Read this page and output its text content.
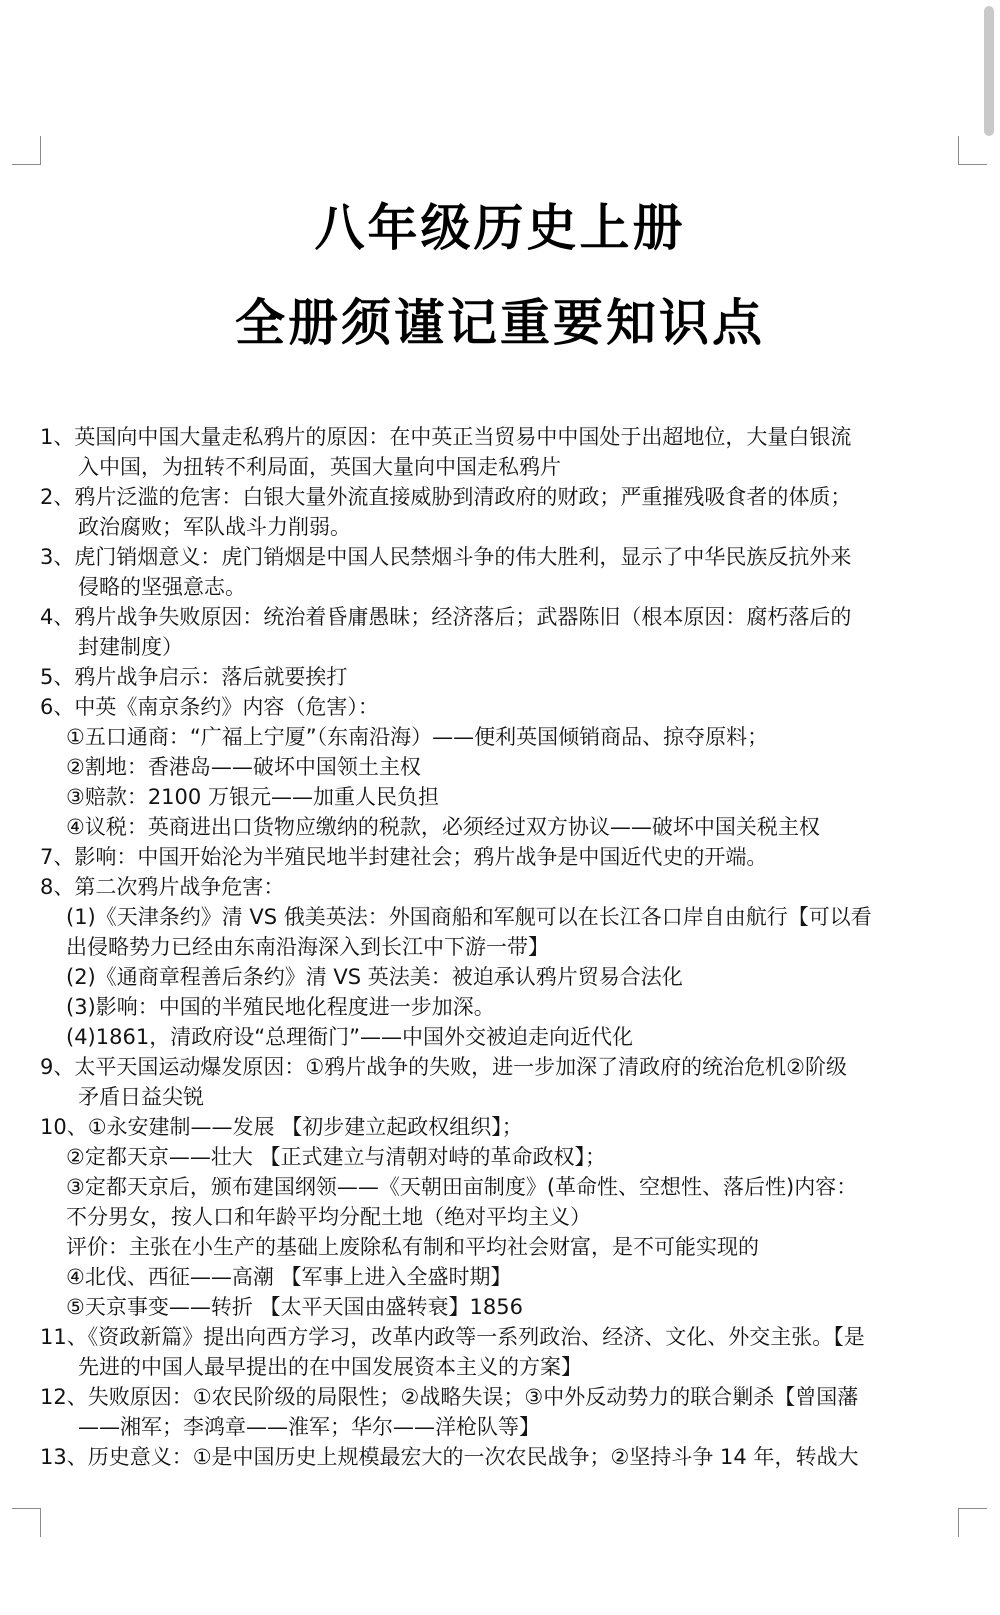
八年级历史上册
全册须谨记重要知识点
1、英国向中国大量走私鸦片的原因：在中英正当贸易中中国处于出超地位，大量白银流
入中国，为扭转不利局面，英国大量向中国走私鸦片
2、鸦片泛滥的危害：白银大量外流直接威胁到清政府的财政；严重摧残吸食者的体质；
政治腐败；军队战斗力削弱。
3、虎门销烟意义：虎门销烟是中国人民禁烟斗争的伟大胜利，显示了中华民族反抗外来
侵略的坚强意志。
4、鸦片战争失败原因：统治着昏庸愚昧；经济落后；武器陈旧（根本原因：腐朽落后的
封建制度）
5、鸦片战争启示：落后就要挨打
6、中英《南京条约》内容（危害）：
①五口通商：“广福上宁厦”（东南沿海）——便利英国倾销商品、掠夺原料；
②割地：香港岛——破坏中国领土主权
③赔款：2100 万银元——加重人民负担
④议税：英商进出口货物应缴纳的税款，必须经过双方协议——破坏中国关税主权
7、影响：中国开始沦为半殖民地半封建社会；鸦片战争是中国近代史的开端。
8、第二次鸦片战争危害：
(1)《天津条约》清 VS 俄美英法：外国商船和军舰可以在长江各口岸自由航行【可以看
出侵略势力已经由东南沿海深入到长江中下游一带】
(2)《通商章程善后条约》清 VS 英法美：被迫承认鸦片贸易合法化
(3)影响：中国的半殖民地化程度进一步加深。
(4)1861，清政府设“总理衙门”——中国外交被迫走向近代化
9、太平天国运动爆发原因：①鸦片战争的失败，进一步加深了清政府的统治危机②阶级
矛盾日益尖锐
10、①永安建制——发展 【初步建立起政权组织】；
②定都天京——壮大 【正式建立与清朝对峙的革命政权】；
③定都天京后，颁布建国纲领——《天朝田亩制度》(革命性、空想性、落后性)内容：
不分男女，按人口和年龄平均分配土地（绝对平均主义）
评价：主张在小生产的基础上废除私有制和平均社会财富，是不可能实现的
④北伐、西征——高潮 【军事上进入全盛时期】
⑤天京事变——转折 【太平天国由盛转衰】1856
11、《资政新篇》提出向西方学习，改革内政等一系列政治、经济、文化、外交主张。【是
先进的中国人最早提出的在中国发展资本主义的方案】
12、失败原因：①农民阶级的局限性；②战略失误；③中外反动势力的联合剿杀【曾国藩
——湘军；李鸿章——淮军；华尔——洋枪队等】
13、历史意义：①是中国历史上规模最宏大的一次农民战争；②坚持斗争 14 年，转战大
